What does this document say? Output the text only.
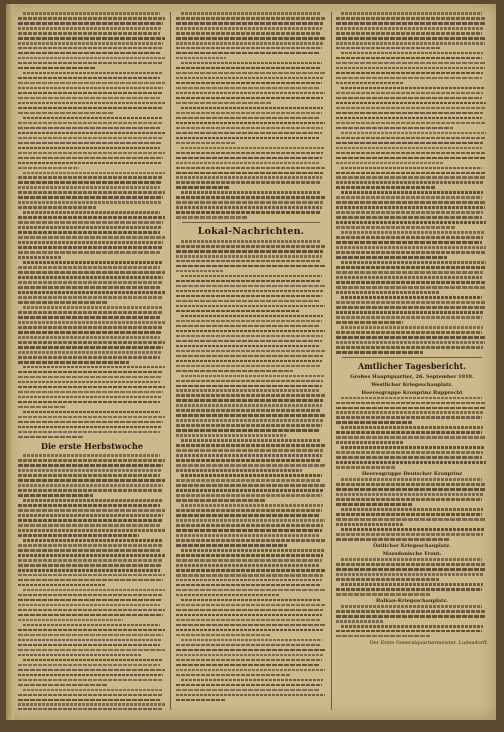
Die erste Herbstwoche
Lokal-Nachrichten.
Amtlicher Tagesbericht.
Großes Hauptquartier, 26. September 1918.
Westlicher Kriegsschauplatz.
Heeresgruppe Kronprinz Rupprecht
Heeresgruppe Deutscher Kronprinz
Östlicher Kriegsschauplatz.
Mazedonische Front.
Balkan-Kriegsschauplatz.
Der Erste Generalquartiermeister. Ludendorff.
